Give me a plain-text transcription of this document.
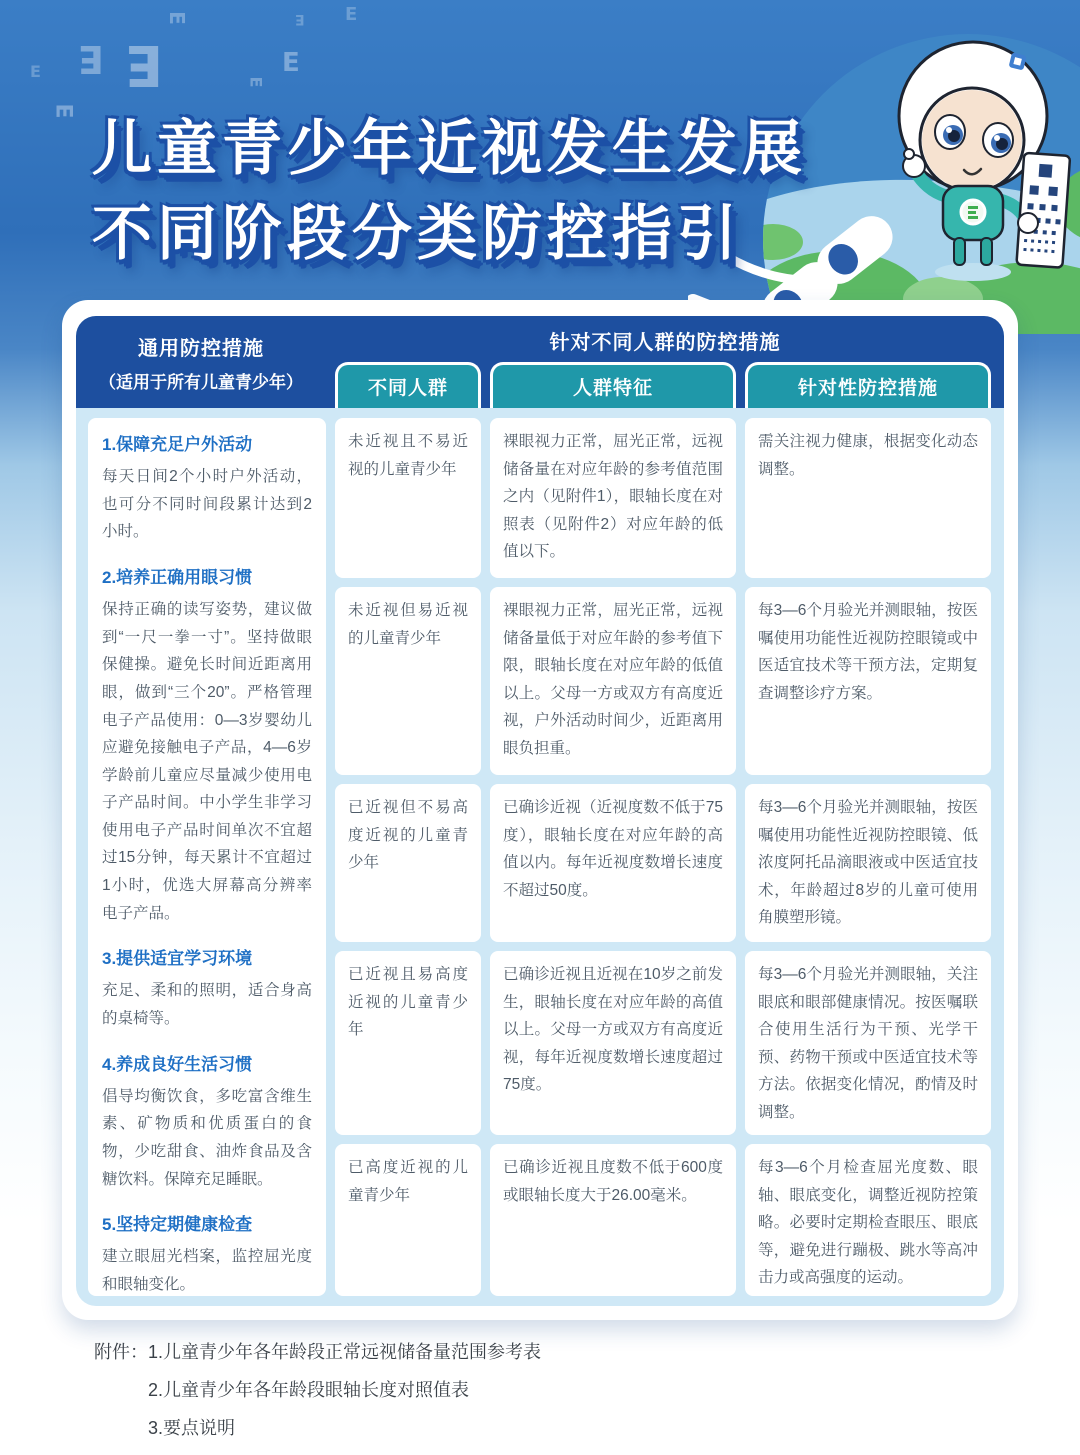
E E
E
E
E
E
E
E
E
儿童青少年近视发生发展
不同阶段分类防控指引
通用防控措施
（适用于所有儿童青少年）
针对不同人群的防控措施
不同人群	人群特征	针对性防控措施
1.保障充足户外活动

每天日间2个小时户外活动，也可分不同时间段累计达到2小时。

2.培养正确用眼习惯

保持正确的读写姿势，建议做到“一尺一拳一寸”。坚持做眼保健操。避免长时间近距离用眼，做到“三个20”。严格管理电子产品使用：0—3岁婴幼儿应避免接触电子产品，4—6岁学龄前儿童应尽量减少使用电子产品时间。中小学生非学习使用电子产品时间单次不宜超过15分钟，每天累计不宜超过1小时，优选大屏幕高分辨率电子产品。

3.提供适宜学习环境

充足、柔和的照明，适合身高的桌椅等。

4.养成良好生活习惯

倡导均衡饮食，多吃富含维生素、矿物质和优质蛋白的食物，少吃甜食、油炸食品及含糖饮料。保障充足睡眠。

5.坚持定期健康检查

建立眼屈光档案，监控屈光度和眼轴变化。

未近视且不易近视的儿童青少年
裸眼视力正常，屈光正常，远视储备量在对应年龄的参考值范围之内（见附件1），眼轴长度在对照表（见附件2）对应年龄的低值以下。
需关注视力健康，根据变化动态调整。
未近视但易近视的儿童青少年
裸眼视力正常，屈光正常，远视储备量低于对应年龄的参考值下限，眼轴长度在对应年龄的低值以上。父母一方或双方有高度近视，户外活动时间少，近距离用眼负担重。
每3—6个月验光并测眼轴，按医嘱使用功能性近视防控眼镜或中医适宜技术等干预方法，定期复查调整诊疗方案。
已近视但不易高度近视的儿童青少年
已确诊近视（近视度数不低于75度），眼轴长度在对应年龄的高值以内。每年近视度数增长速度不超过50度。
每3—6个月验光并测眼轴，按医嘱使用功能性近视防控眼镜、低浓度阿托品滴眼液或中医适宜技术，年龄超过8岁的儿童可使用角膜塑形镜。
已近视且易高度近视的儿童青少年
已确诊近视且近视在10岁之前发生，眼轴长度在对应年龄的高值以上。父母一方或双方有高度近视，每年近视度数增长速度超过75度。
每3—6个月验光并测眼轴，关注眼底和眼部健康情况。按医嘱联合使用生活行为干预、光学干预、药物干预或中医适宜技术等方法。依据变化情况，酌情及时调整。
已高度近视的儿童青少年
已确诊近视且度数不低于600度或眼轴长度大于26.00毫米。
每3—6个月检查屈光度数、眼轴、眼底变化，调整近视防控策略。必要时定期检查眼压、眼底等，避免进行蹦极、跳水等高冲击力或高强度的运动。
附件： 1.儿童青少年各年龄段正常远视储备量范围参考表
2.儿童青少年各年龄段眼轴长度对照值表
3.要点说明
